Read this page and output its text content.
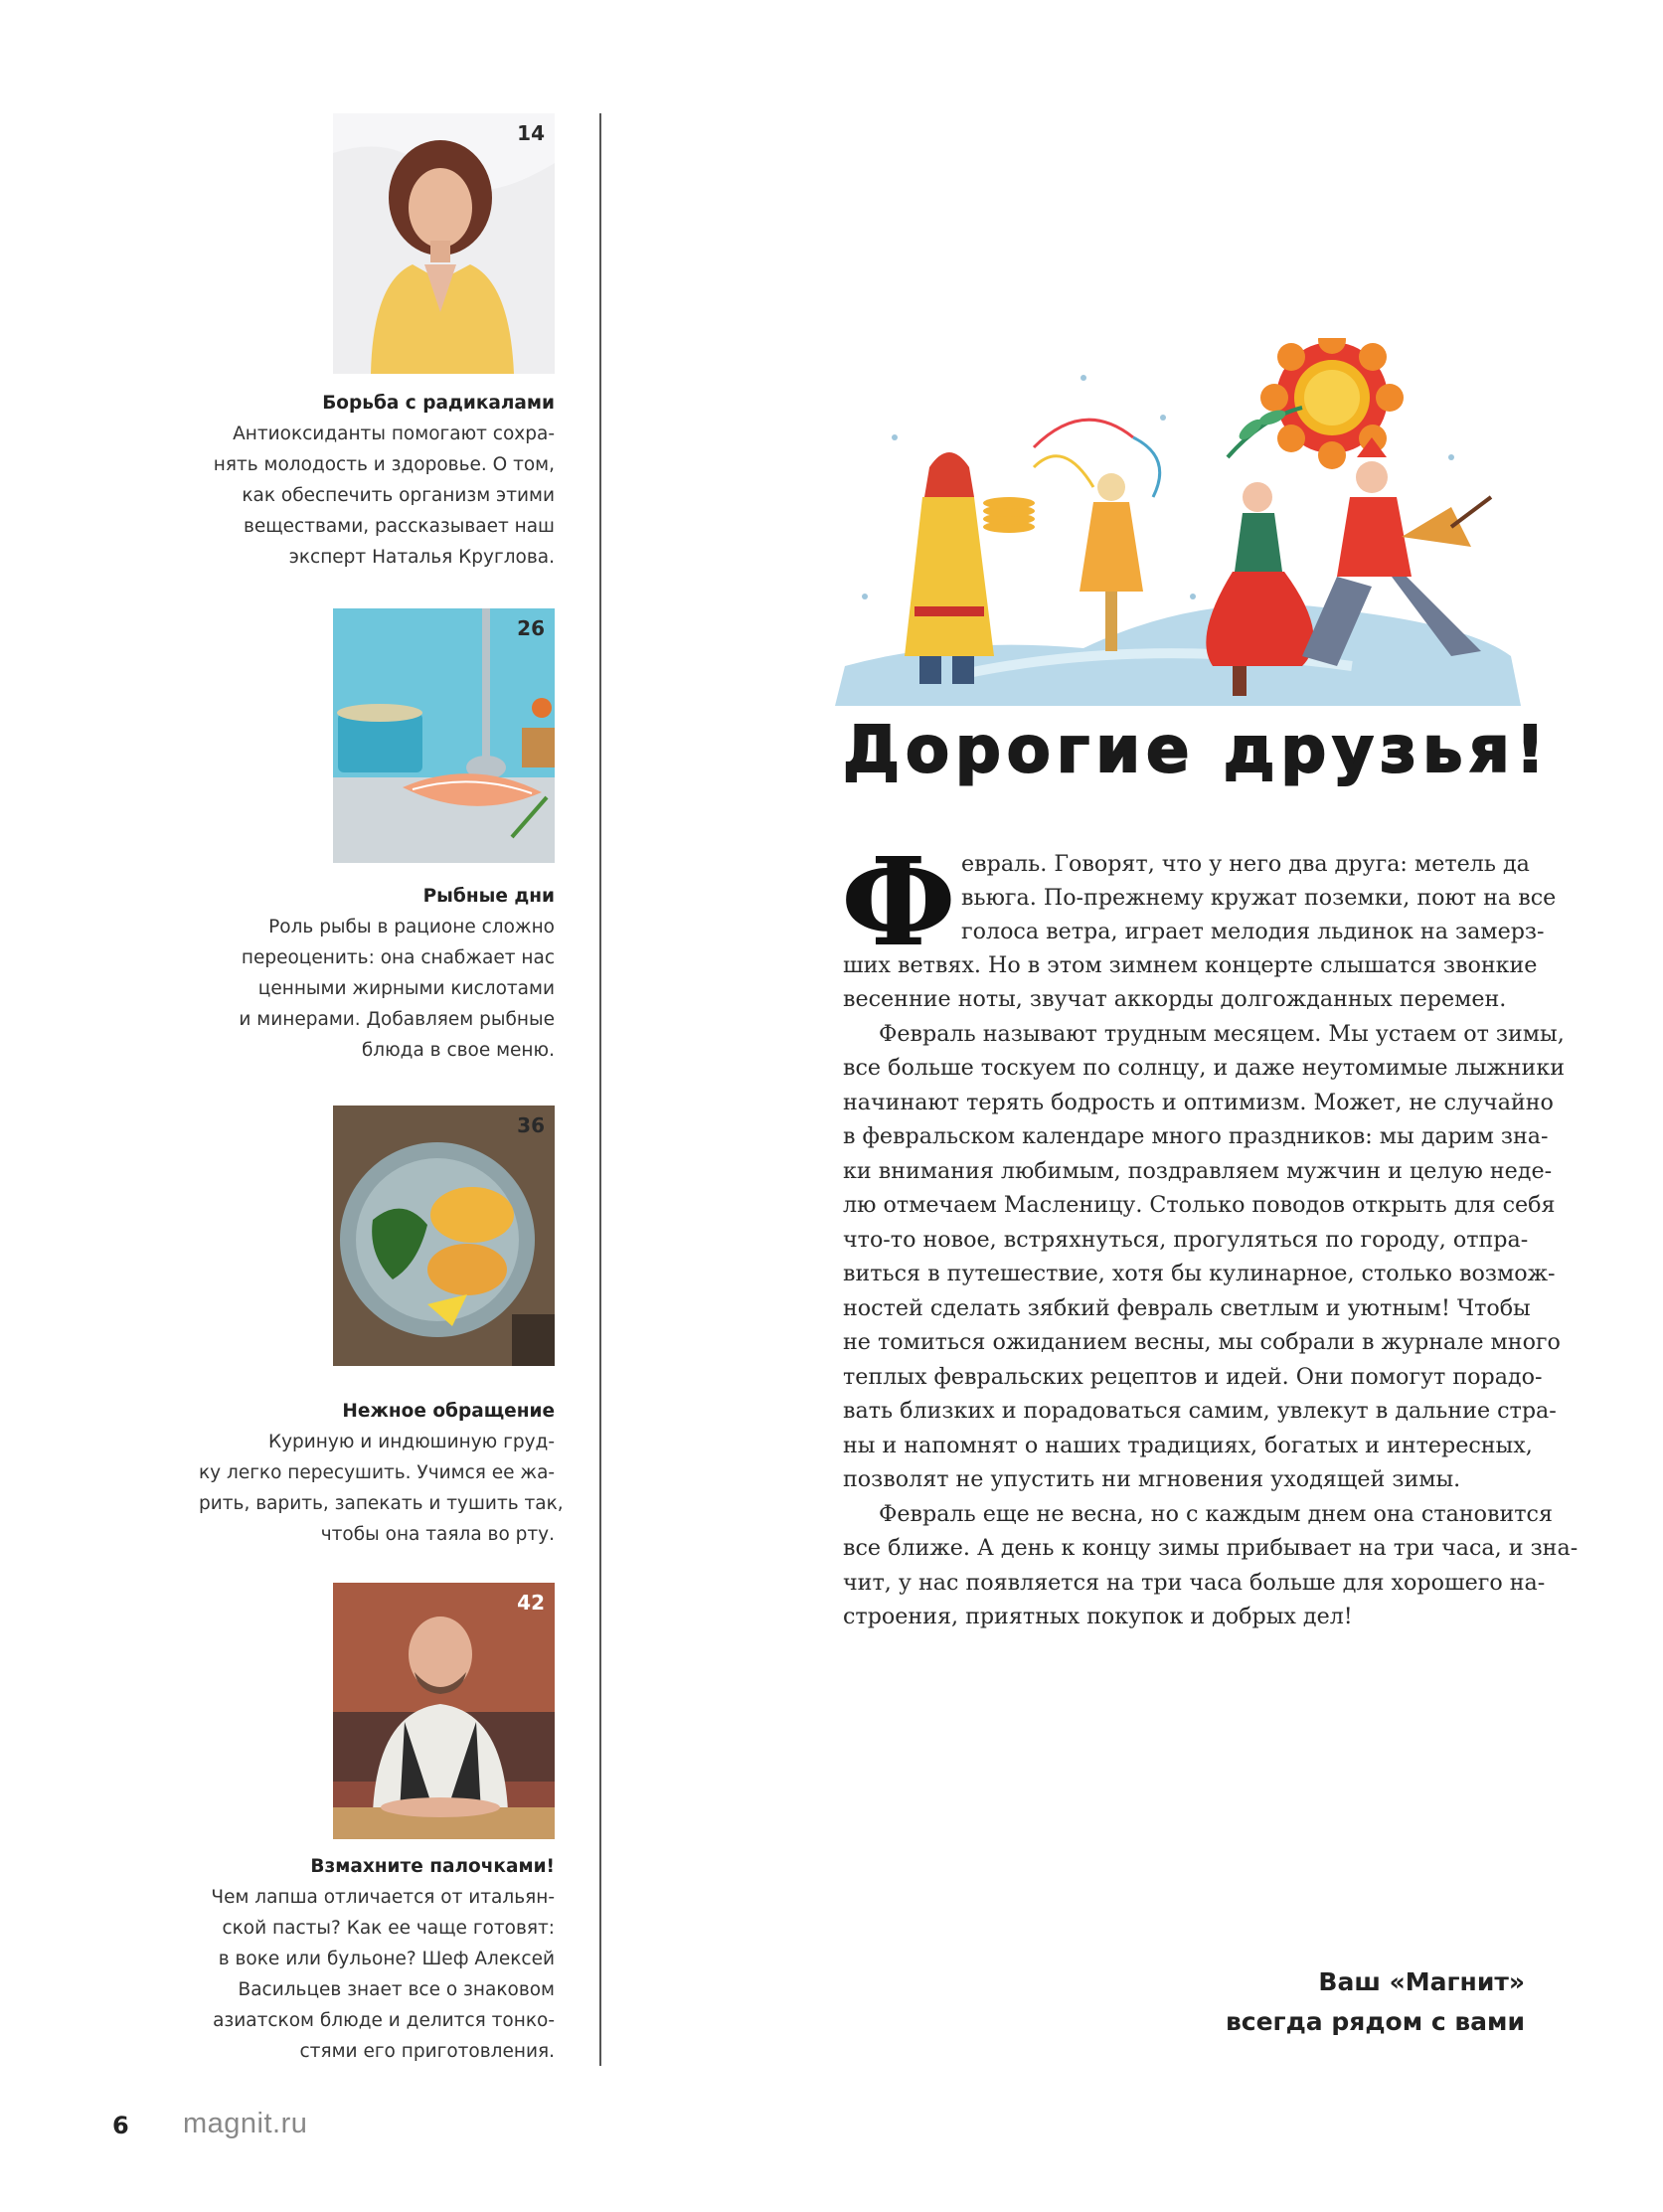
14
Борьба с радикалами
Антиоксиданты помогают сохра-
нять молодость и здоровье. О том,
как обеспечить организм этими
веществами, рассказывает наш
эксперт Наталья Круглова.
26
Рыбные дни
Роль рыбы в рационе сложно
переоценить: она снабжает нас
ценными жирными кислотами
и минерами. Добавляем рыбные
блюда в свое меню.
36
Нежное обращение
Куриную и индюшиную груд-
ку легко пересушить. Учимся ее жа-
рить, варить, запекать и тушить так,
чтобы она таяла во рту.
42
Взмахните палочками!
Чем лапша отличается от итальян-
ской пасты? Как ее чаще готовят:
в воке или бульоне? Шеф Алексей
Васильцев знает все о знаковом
азиатском блюде и делится тонко-
стями его приготовления.
Дорогие друзья!
Ф евраль. Говорят, что у него два друга: метель да
вьюга. По-прежнему кружат поземки, поют на все
голоса ветра, играет мелодия льдинок на замерз-
ших ветвях. Но в этом зимнем концерте слышатся звонкие
весенние ноты, звучат аккорды долгожданных перемен.
Февраль называют трудным месяцем. Мы устаем от зимы,
все больше тоскуем по солнцу, и даже неутомимые лыжники
начинают терять бодрость и оптимизм. Может, не случайно
в февральском календаре много праздников: мы дарим зна-
ки внимания любимым, поздравляем мужчин и целую неде-
лю отмечаем Масленицу. Столько поводов открыть для себя
что-то новое, встряхнуться, прогуляться по городу, отпра-
виться в путешествие, хотя бы кулинарное, столько возмож-
ностей сделать зябкий февраль светлым и уютным! Чтобы
не томиться ожиданием весны, мы собрали в журнале много
теплых февральских рецептов и идей. Они помогут порадо-
вать близких и порадоваться самим, увлекут в дальние стра-
ны и напомнят о наших традициях, богатых и интересных,
позволят не упустить ни мгновения уходящей зимы.
Февраль еще не весна, но с каждым днем она становится
все ближе. А день к концу зимы прибывает на три часа, и зна-
чит, у нас появляется на три часа больше для хорошего на-
строения, приятных покупок и добрых дел!
Ваш «Магнит»
всегда рядом с вами
6 magnit.ru
